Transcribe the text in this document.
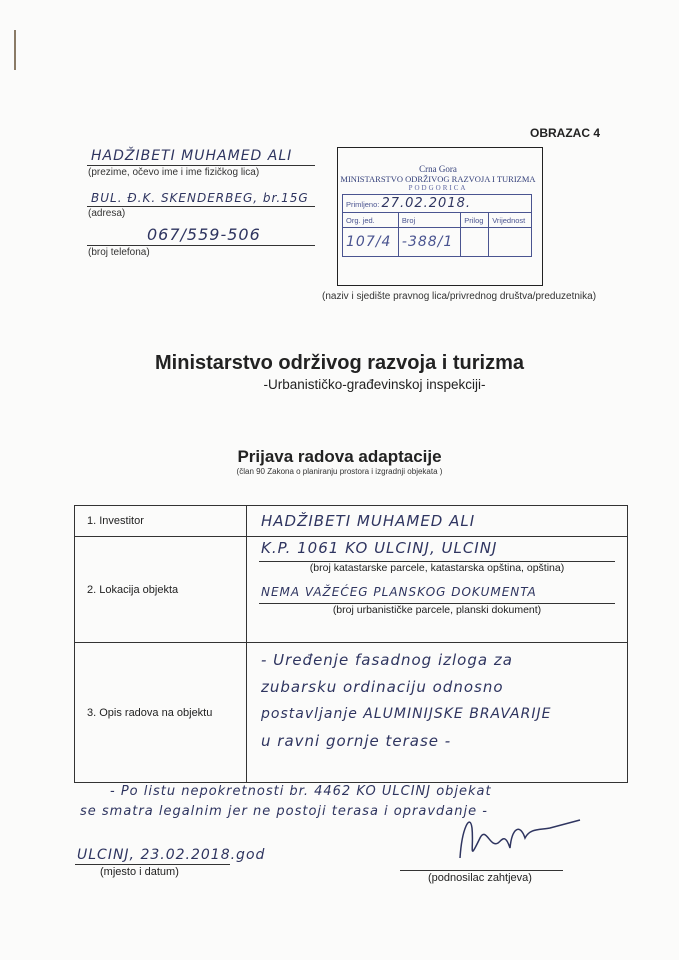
OBRAZAC 4
HADŽIBETI MUHAMED ALI
(prezime, očevo ime i ime fizičkog lica)
BUL. Đ.K. SKENDERBEG, br.15G
(adresa)
067/559-506
(broj telefona)
Crna Gora
MINISTARSTVO ODRŽIVOG RAZVOJA I TURIZMA
PODGORICA
Primljeno: 27.02.2018.			
Org. jed.	Broj	Prilog	Vrijednost
107/4	-388/1		
(naziv i sjedište pravnog lica/privrednog društva/preduzetnika)
Ministarstvo održivog razvoja i turizma
-Urbanističko-građevinskoj inspekciji-
Prijava radova adaptacije
(član 90 Zakona o planiranju prostora i izgradnji objekata )
1. Investitor	HADŽIBETI MUHAMED ALI
2. Lokacija objekta	K.P. 1061 KO ULCINJ, ULCINJ
(broj katastarske parcele, katastarska opština, opština)
NEMA VAŽEĆEG PLANSKOG DOKUMENTA
(broj urbanističke parcele, planski dokument)

3. Opis radova na objektu	- Uređenje fasadnog izloga za
zubarsku ordinaciju odnosno
postavljanje ALUMINIJSKE BRAVARIJE
u ravni gornje terase -
- Po listu nepokretnosti br. 4462 KO ULCINJ objekat
se smatra legalnim jer ne postoji terasa i opravdanje -
ULCINJ, 23.02.2018.god
(mjesto i datum)	(podnosilac zahtjeva)
